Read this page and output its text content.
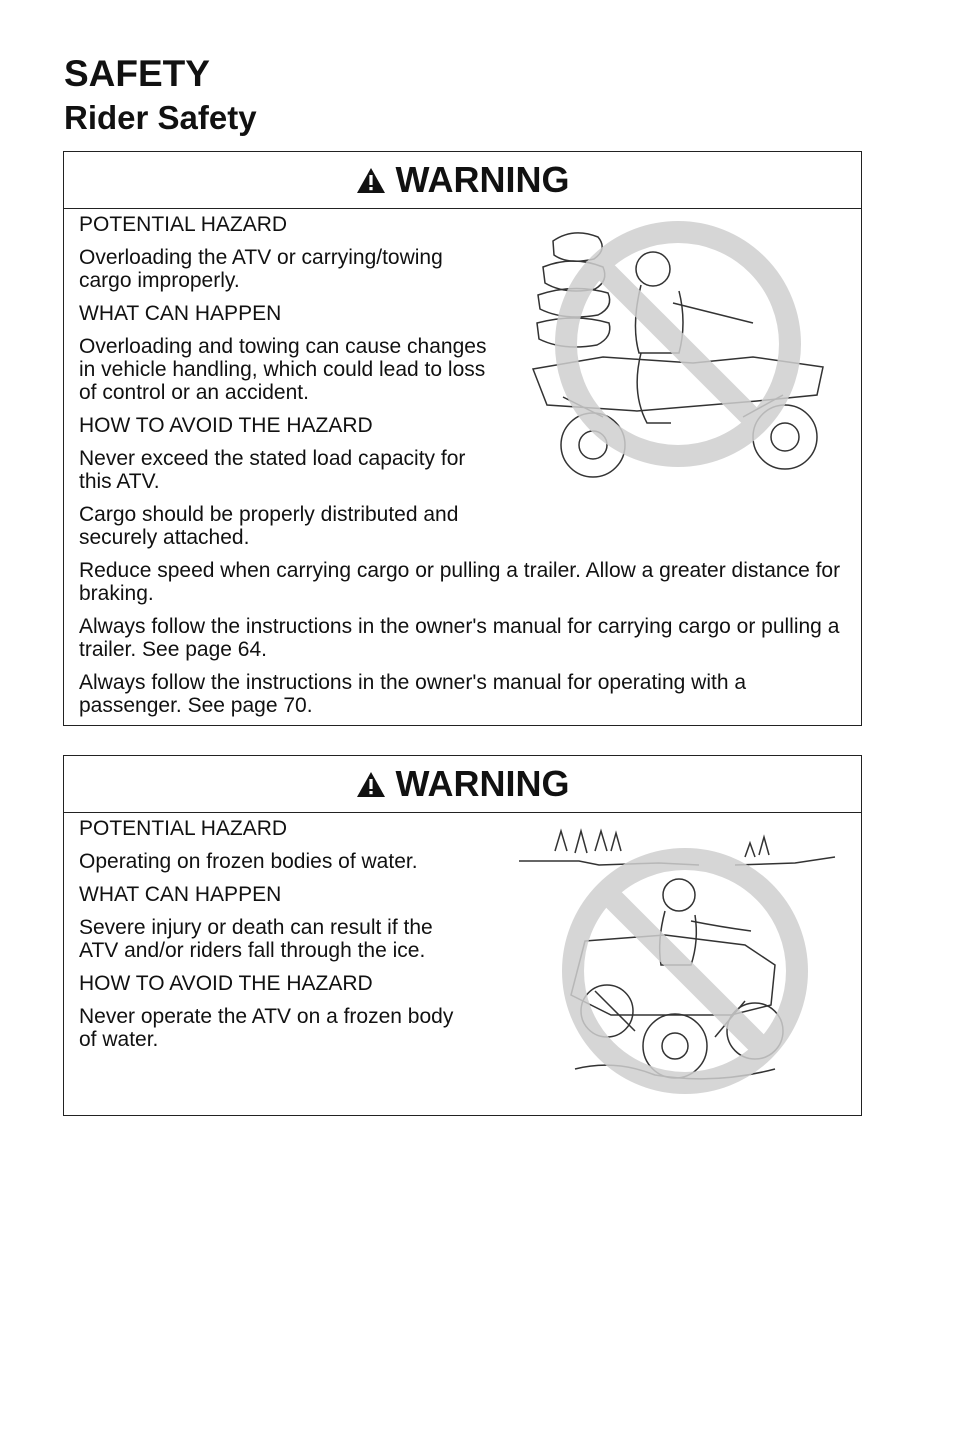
SAFETY
Rider Safety
WARNING

POTENTIAL HAZARD

Overloading the ATV or carrying/towing cargo improperly.

WHAT CAN HAPPEN

Overloading and towing can cause changes in vehicle handling, which could lead to loss of control or an accident.

HOW TO AVOID THE HAZARD

Never exceed the stated load capacity for this ATV.

Cargo should be properly distributed and securely attached.

Reduce speed when carrying cargo or pulling a trailer. Allow a greater distance for braking.

Always follow the instructions in the owner's manual for carrying cargo or pulling a trailer. See page 64.

Always follow the instructions in the owner's manual for operating with a passenger. See page 70.

WARNING

POTENTIAL HAZARD

Operating on frozen bodies of water.

WHAT CAN HAPPEN

Severe injury or death can result if the ATV and/or riders fall through the ice.

HOW TO AVOID THE HAZARD

Never operate the ATV on a frozen body of water.
